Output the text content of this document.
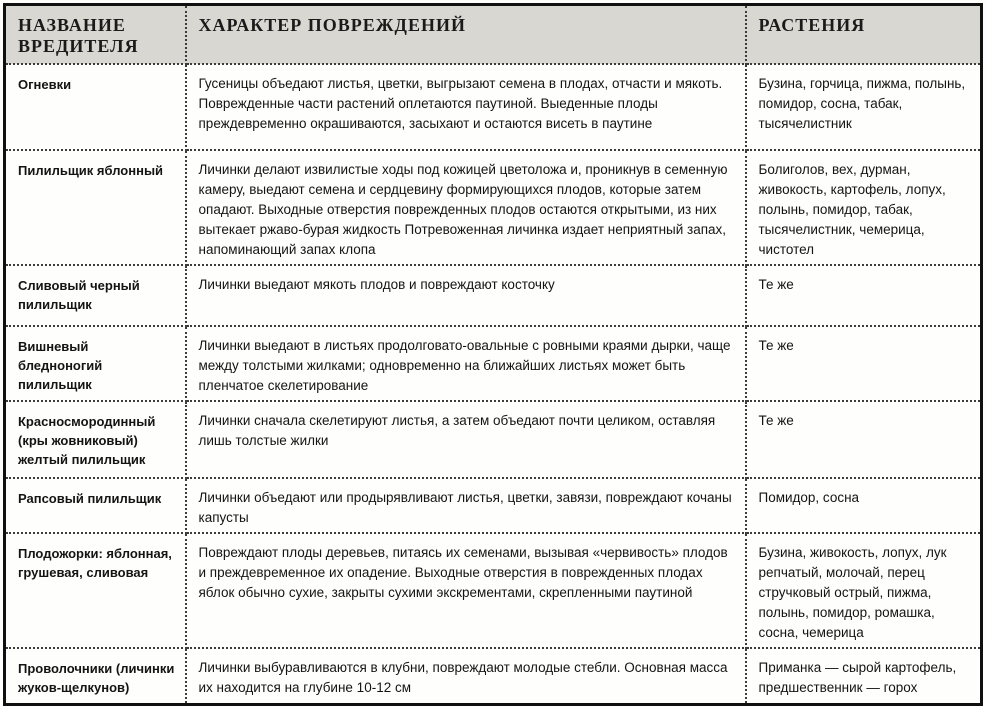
НАЗВАНИЕ ВРЕДИТЕЛЯ	ХАРАКТЕР ПОВРЕЖДЕНИЙ	РАСТЕНИЯ
Огневки	Гусеницы объедают листья, цветки, выгрызают семена в плодах, отчасти и мякоть. Поврежденные части растений оплетаются паутиной. Выеденные плоды преждевременно окрашиваются, засыхают и остаются висеть в паутине	Бузина, горчица, пижма, полынь, помидор, сосна, табак, тысячелистник
Пилильщик яблонный	Личинки делают извилистые ходы под кожицей цветоложа и, проникнув в семенную камеру, выедают семена и сердцевину формирующихся плодов, которые затем опадают. Выходные отверстия поврежденных плодов остаются открытыми, из них вытекает ржаво-бурая жидкость Потревоженная личинка издает неприятный запах, напоминающий запах клопа	Болиголов, вех, дурман, живокость, картофель, лопух, полынь, помидор, табак, тысячелистник, чемерица, чистотел
Сливовый черный пилильщик	Личинки выедают мякоть плодов и повреждают косточку	Те же
Вишневый бледноногий пилильщик	Личинки выедают в листьях продолговато-овальные с ровными краями дырки, чаще между толстыми жилками; одновременно на ближайших листьях может быть пленчатое скелетирование	Те же
Красносмородинный (кры жовниковый) желтый пилильщик	Личинки сначала скелетируют листья, а затем объедают почти целиком, оставляя лишь толстые жилки	Те же
Рапсовый пилильщик	Личинки объедают или продырявливают листья, цветки, завязи, повреждают кочаны капусты	Помидор, сосна
Плодожорки: яблонная, грушевая, сливовая	Повреждают плоды деревьев, питаясь их семенами, вызывая «червивость» плодов и преждевременное их опадение. Выходные отверстия в поврежденных плодах яблок обычно сухие, закрыты сухими экскрементами, скрепленными паутиной	Бузина, живокость, лопух, лук репчатый, молочай, перец стручковый острый, пижма, полынь, помидор, ромашка, сосна, чемерица
Проволочники (личинки жуков-щелкунов)	Личинки выбуравливаются в клубни, повреждают молодые стебли. Основная масса их находится на глубине 10-12 см	Приманка — сырой картофель, предшественник — горох
